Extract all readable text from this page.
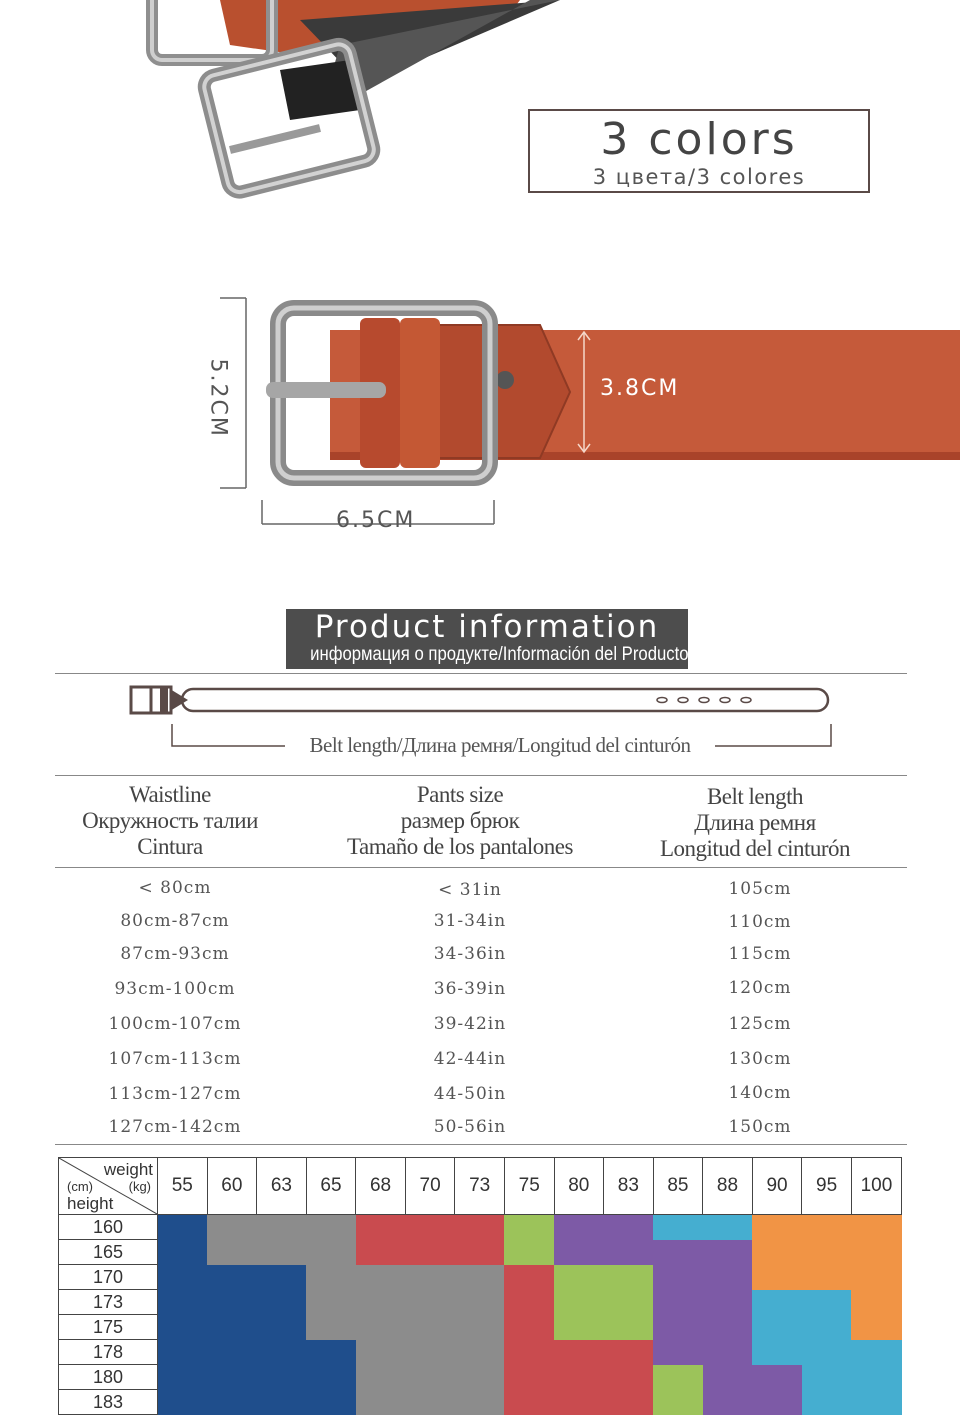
3 colors
3 цвета/3 colores
5.2CM	3.8CM
6.5CM
Product information
информация о продукте/Información del Producto
Belt length/Длина ремня/Longitud del cinturón
Waistline
Окружность талии
Cintura
Pants size
размер брюк
Tamaño de los pantalones
Belt length
Длина ремня
Longitud del cinturón
< 80cm	< 31in	105cm
80cm-87cm	31-34in	110cm
87cm-93cm	34-36in	115cm
93cm-100cm	36-39in	120cm
100cm-107cm	39-42in	125cm
107cm-113cm	42-44in	130cm
113cm-127cm	44-50in	140cm
127cm-142cm	50-56in	150cm
weight
(cm) (kg)
height	55	60	63	65	68	70	73	75	80	83	85	88	90	95	100
160															
165															
170															
173															
175															
178															
180															
183															
